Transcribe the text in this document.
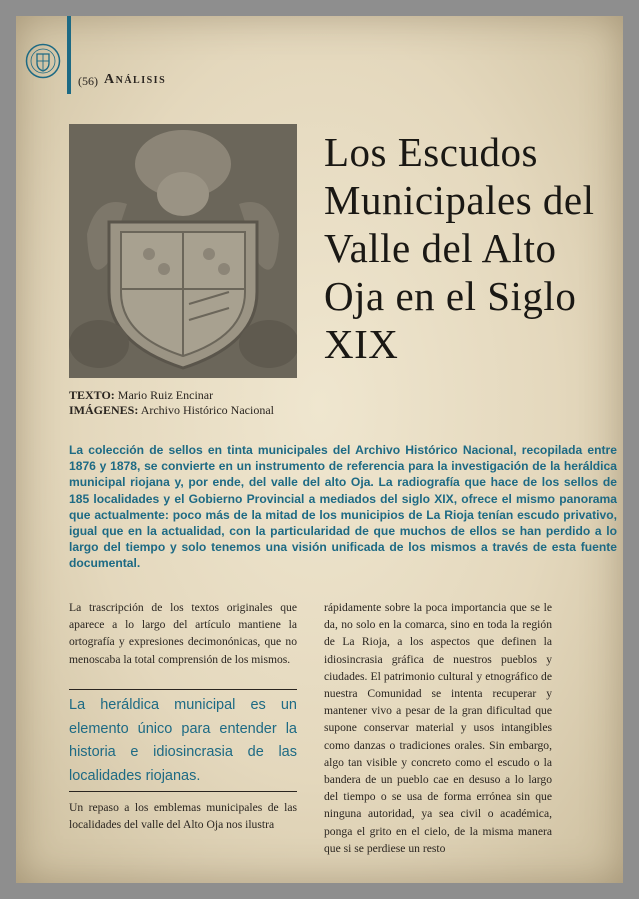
(56) Análisis
Los Escudos Municipales del Valle del Alto Oja en el Siglo XIX
TEXTO: Mario Ruiz Encinar
IMÁGENES: Archivo Histórico Nacional

La colección de sellos en tinta municipales del Archivo Histórico Nacional, recopilada entre 1876 y 1878, se convierte en un instrumento de referencia para la investigación de la heráldica municipal riojana y, por ende, del valle del alto Oja. La radiografía que hace de los sellos de 185 localidades y el Gobierno Provincial a mediados del siglo XIX, ofrece el mismo panorama que actualmente: poco más de la mitad de los municipios de La Rioja tenían escudo privativo, igual que en la actualidad, con la particularidad de que muchos de ellos se han perdido a lo largo del tiempo y solo tenemos una visión unificada de los mismos a través de esta fuente documental.

La trascripción de los textos originales que aparece a lo largo del artículo mantiene la ortografía y expresiones decimonónicas, que no menoscaba la total comprensión de los mismos.

La heráldica municipal es un elemento único para entender la historia e idiosincrasia de las localidades riojanas.

Un repaso a los emblemas municipales de las localidades del valle del Alto Oja nos ilustra

rápidamente sobre la poca importancia que se le da, no solo en la comarca, sino en toda la región de La Rioja, a los aspectos que definen la idiosincrasia gráfica de nuestros pueblos y ciudades. El patrimonio cultural y etnográfico de nuestra Comunidad se intenta recuperar y mantener vivo a pesar de la gran dificultad que supone conservar material y usos intangibles como danzas o tradiciones orales. Sin embargo, algo tan visible y concreto como el escudo o la bandera de un pueblo cae en desuso a lo largo del tiempo o se usa de forma errónea sin que ninguna autoridad, ya sea civil o académica, ponga el grito en el cielo, de la misma manera que si se perdiese un resto
